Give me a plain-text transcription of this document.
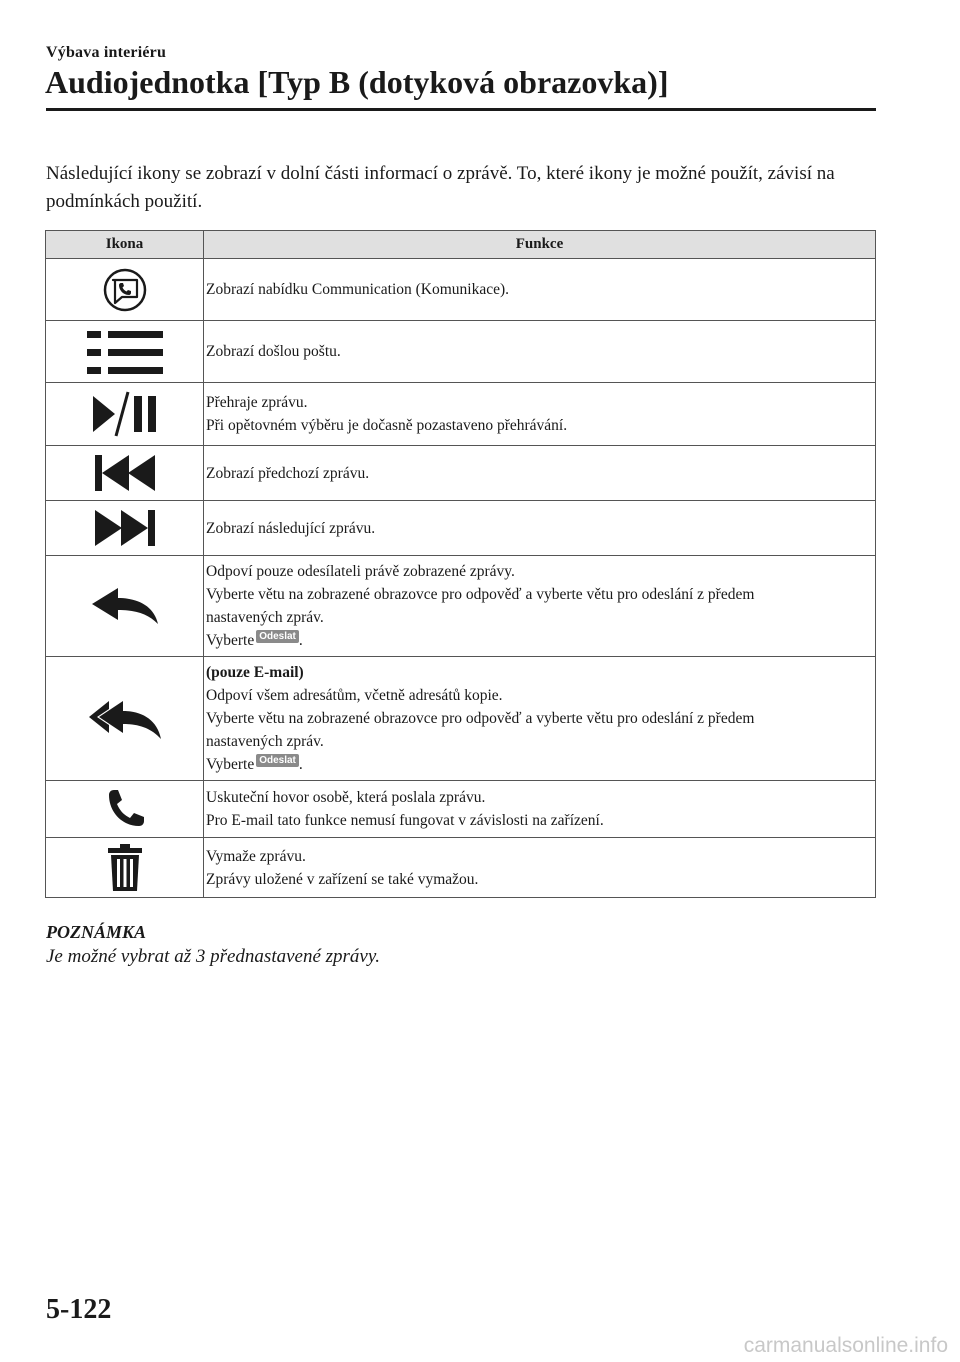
Výbava interiéru
Audiojednotka [Typ B (dotyková obrazovka)]

Následující ikony se zobrazí v dolní části informací o zprávě. To, které ikony je možné použít, závisí na podmínkách použití.

Ikona	Funkce

Zobrazí nabídku Communication (Komunikace).

Zobrazí došlou poštu.

Přehraje zprávu.
Při opětovném výběru je dočasně pozastaveno přehrávání.

Zobrazí předchozí zprávu.

Zobrazí následující zprávu.

Odpoví pouze odesílateli právě zobrazené zprávy.
Vyberte větu na zobrazené obrazovce pro odpověď a vyberte větu pro odeslání z předem
nastavených zpráv.
Vyberte Odeslat .

(pouze E-mail)
Odpoví všem adresátům, včetně adresátů kopie.
Vyberte větu na zobrazené obrazovce pro odpověď a vyberte větu pro odeslání z předem
nastavených zpráv.
Vyberte Odeslat .

Uskuteční hovor osobě, která poslala zprávu.
Pro E-mail tato funkce nemusí fungovat v závislosti na zařízení.

Vymaže zprávu.
Zprávy uložené v zařízení se také vymažou.
POZNÁMKA
Je možné vybrat až 3 přednastavené zprávy.
5-122
carmanualsonline.info
